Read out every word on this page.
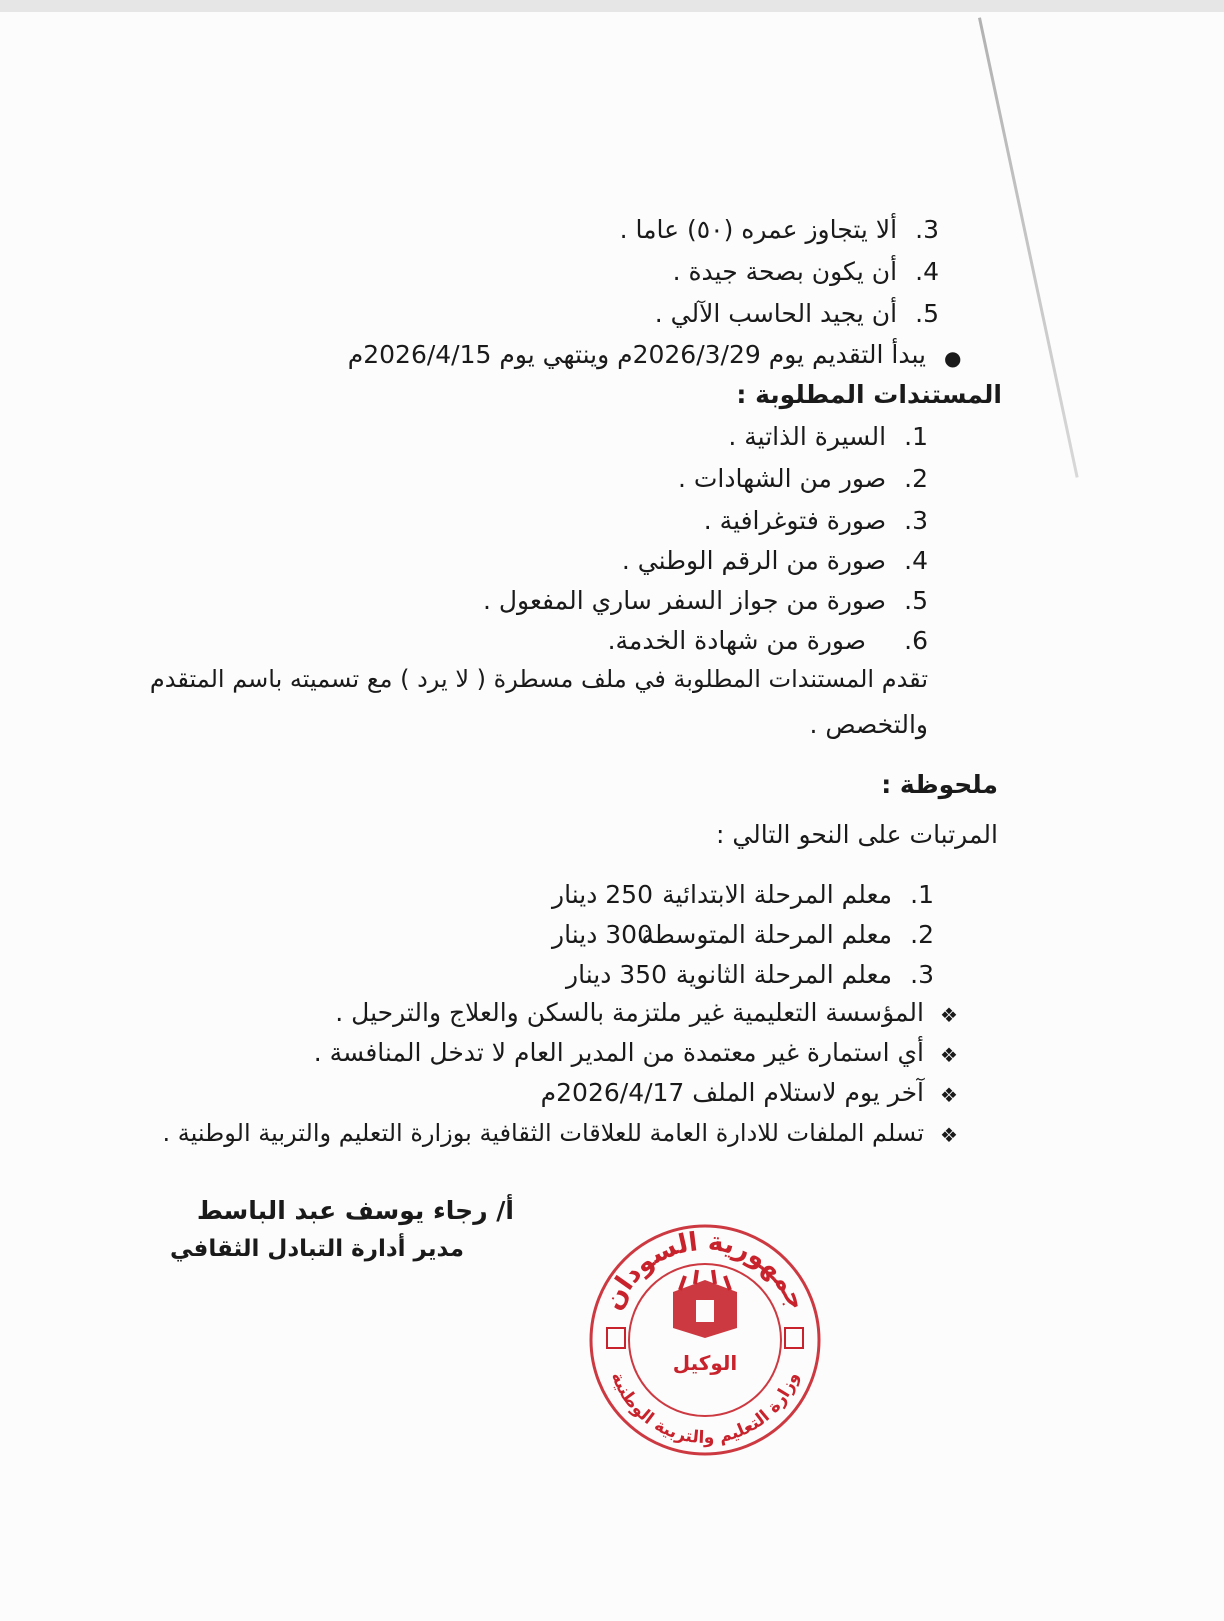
3. ألا يتجاوز عمره (٥٠) عاما .
4. أن يكون بصحة جيدة .
5. أن يجيد الحاسب الآلي .
●
يبدأ التقديم يوم 2026/3/29م وينتهي يوم 2026/4/15م
المستندات المطلوبة :
1. السيرة الذاتية .
2. صور من الشهادات .
3. صورة فتوغرافية .
4. صورة من الرقم الوطني .
5. صورة من جواز السفر ساري المفعول .
6. صورة من شهادة الخدمة.
تقدم المستندات المطلوبة في ملف مسطرة ( لا يرد ) مع تسميته باسم المتقدم
والتخصص .
ملحوظة :
المرتبات على النحو التالي :
1. معلم المرحلة الابتدائية
250 دينار
2. معلم المرحلة المتوسطة
300 دينار
3. معلم المرحلة الثانوية
350 دينار
❖
المؤسسة التعليمية غير ملتزمة بالسكن والعلاج والترحيل .
❖
أي استمارة غير معتمدة من المدير العام لا تدخل المنافسة .
❖
آخر يوم لاستلام الملف 2026/4/17م
❖
تسلم الملفات للادارة العامة للعلاقات الثقافية بوزارة التعليم والتربية الوطنية .
أ/ رجاء يوسف عبد الباسط
مدير أدارة التبادل الثقافي
جمهورية السودان
وزارة التعليم والتربية الوطنية
الوكيل
